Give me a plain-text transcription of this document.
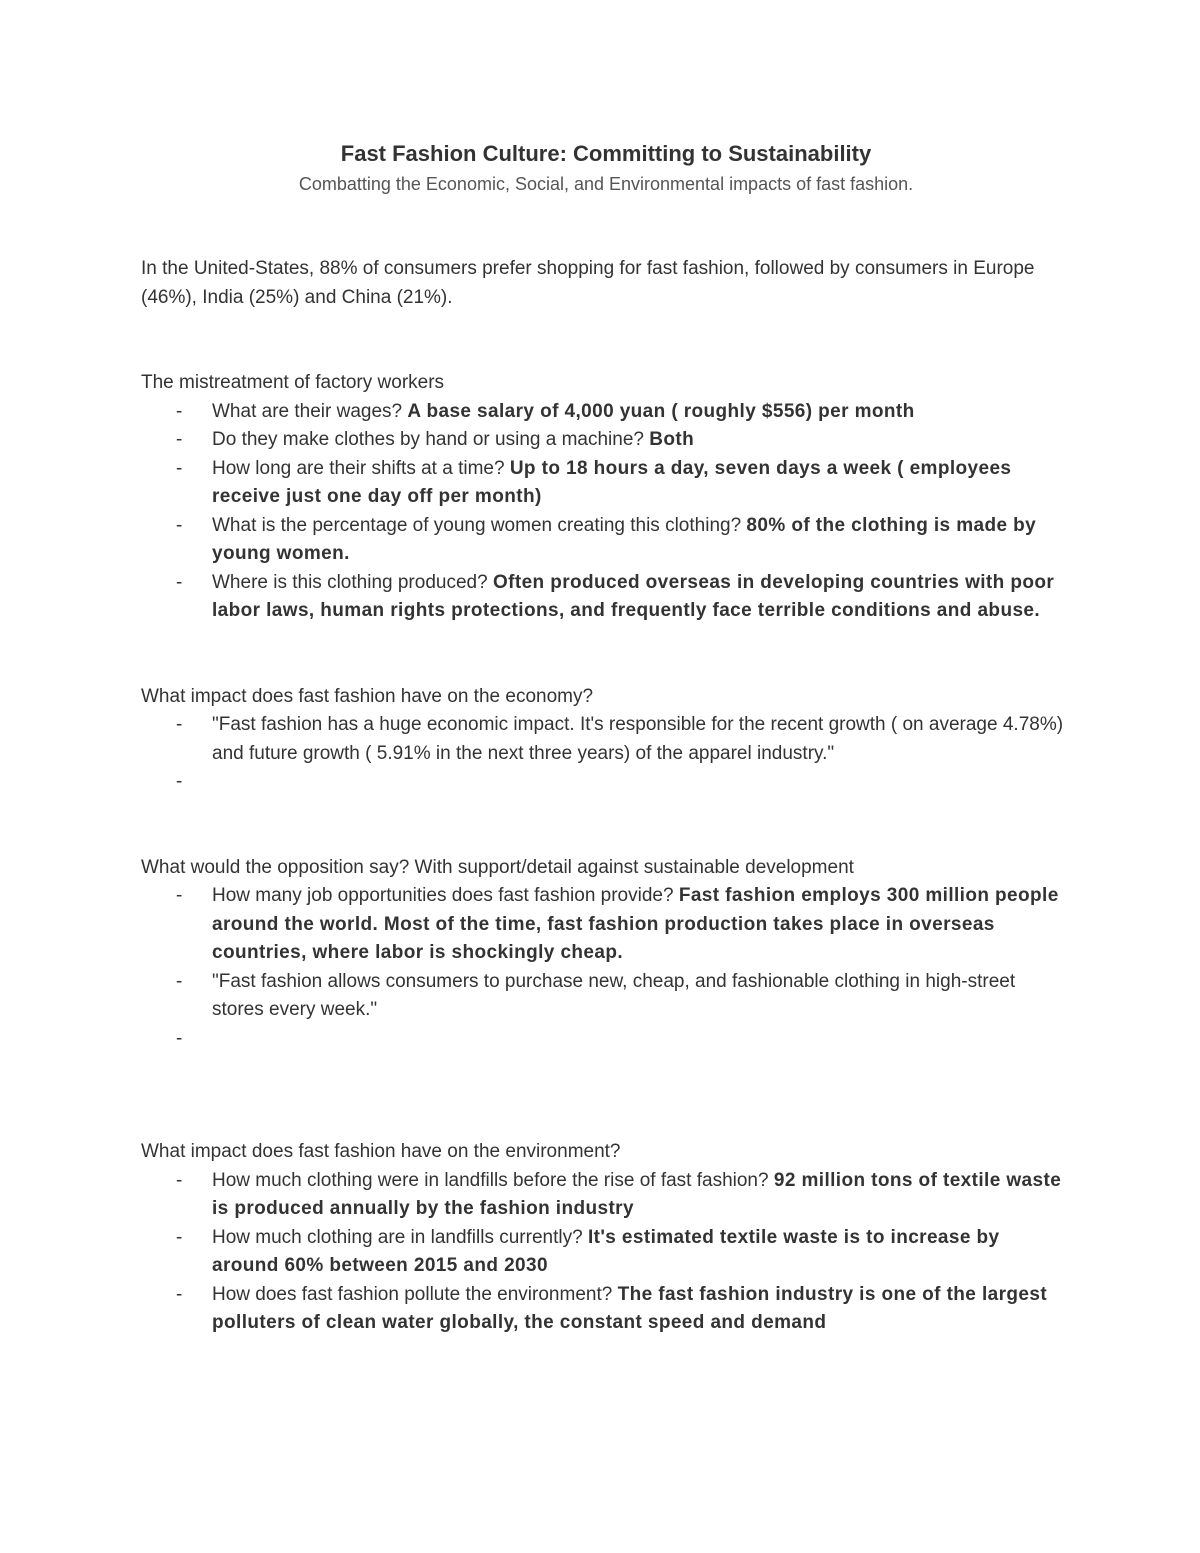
Fast Fashion Culture: Committing to Sustainability

Combatting the Economic, Social, and Environmental impacts of fast fashion.

In the United-States, 88% of consumers prefer shopping for fast fashion, followed by consumers in Europe (46%), India (25%) and China (21%).

The mistreatment of factory workers

- What are their wages? A base salary of 4,000 yuan ( roughly $556) per month
- Do they make clothes by hand or using a machine? Both
- How long are their shifts at a time? Up to 18 hours a day, seven days a week ( employees receive just one day off per month)
- What is the percentage of young women creating this clothing? 80% of the clothing is made by young women.
- Where is this clothing produced? Often produced overseas in developing countries with poor labor laws, human rights protections, and frequently face terrible conditions and abuse.

What impact does fast fashion have on the economy?

- "Fast fashion has a huge economic impact. It's responsible for the recent growth ( on average 4.78%) and future growth ( 5.91% in the next three years) of the apparel industry."
-

What would the opposition say? With support/detail against sustainable development

- How many job opportunities does fast fashion provide? Fast fashion employs 300 million people around the world. Most of the time, fast fashion production takes place in overseas countries, where labor is shockingly cheap.
- "Fast fashion allows consumers to purchase new, cheap, and fashionable clothing in high-street stores every week."
-

What impact does fast fashion have on the environment?

- How much clothing were in landfills before the rise of fast fashion? 92 million tons of textile waste is produced annually by the fashion industry
- How much clothing are in landfills currently? It's estimated textile waste is to increase by around 60% between 2015 and 2030
- How does fast fashion pollute the environment? The fast fashion industry is one of the largest polluters of clean water globally, the constant speed and demand
